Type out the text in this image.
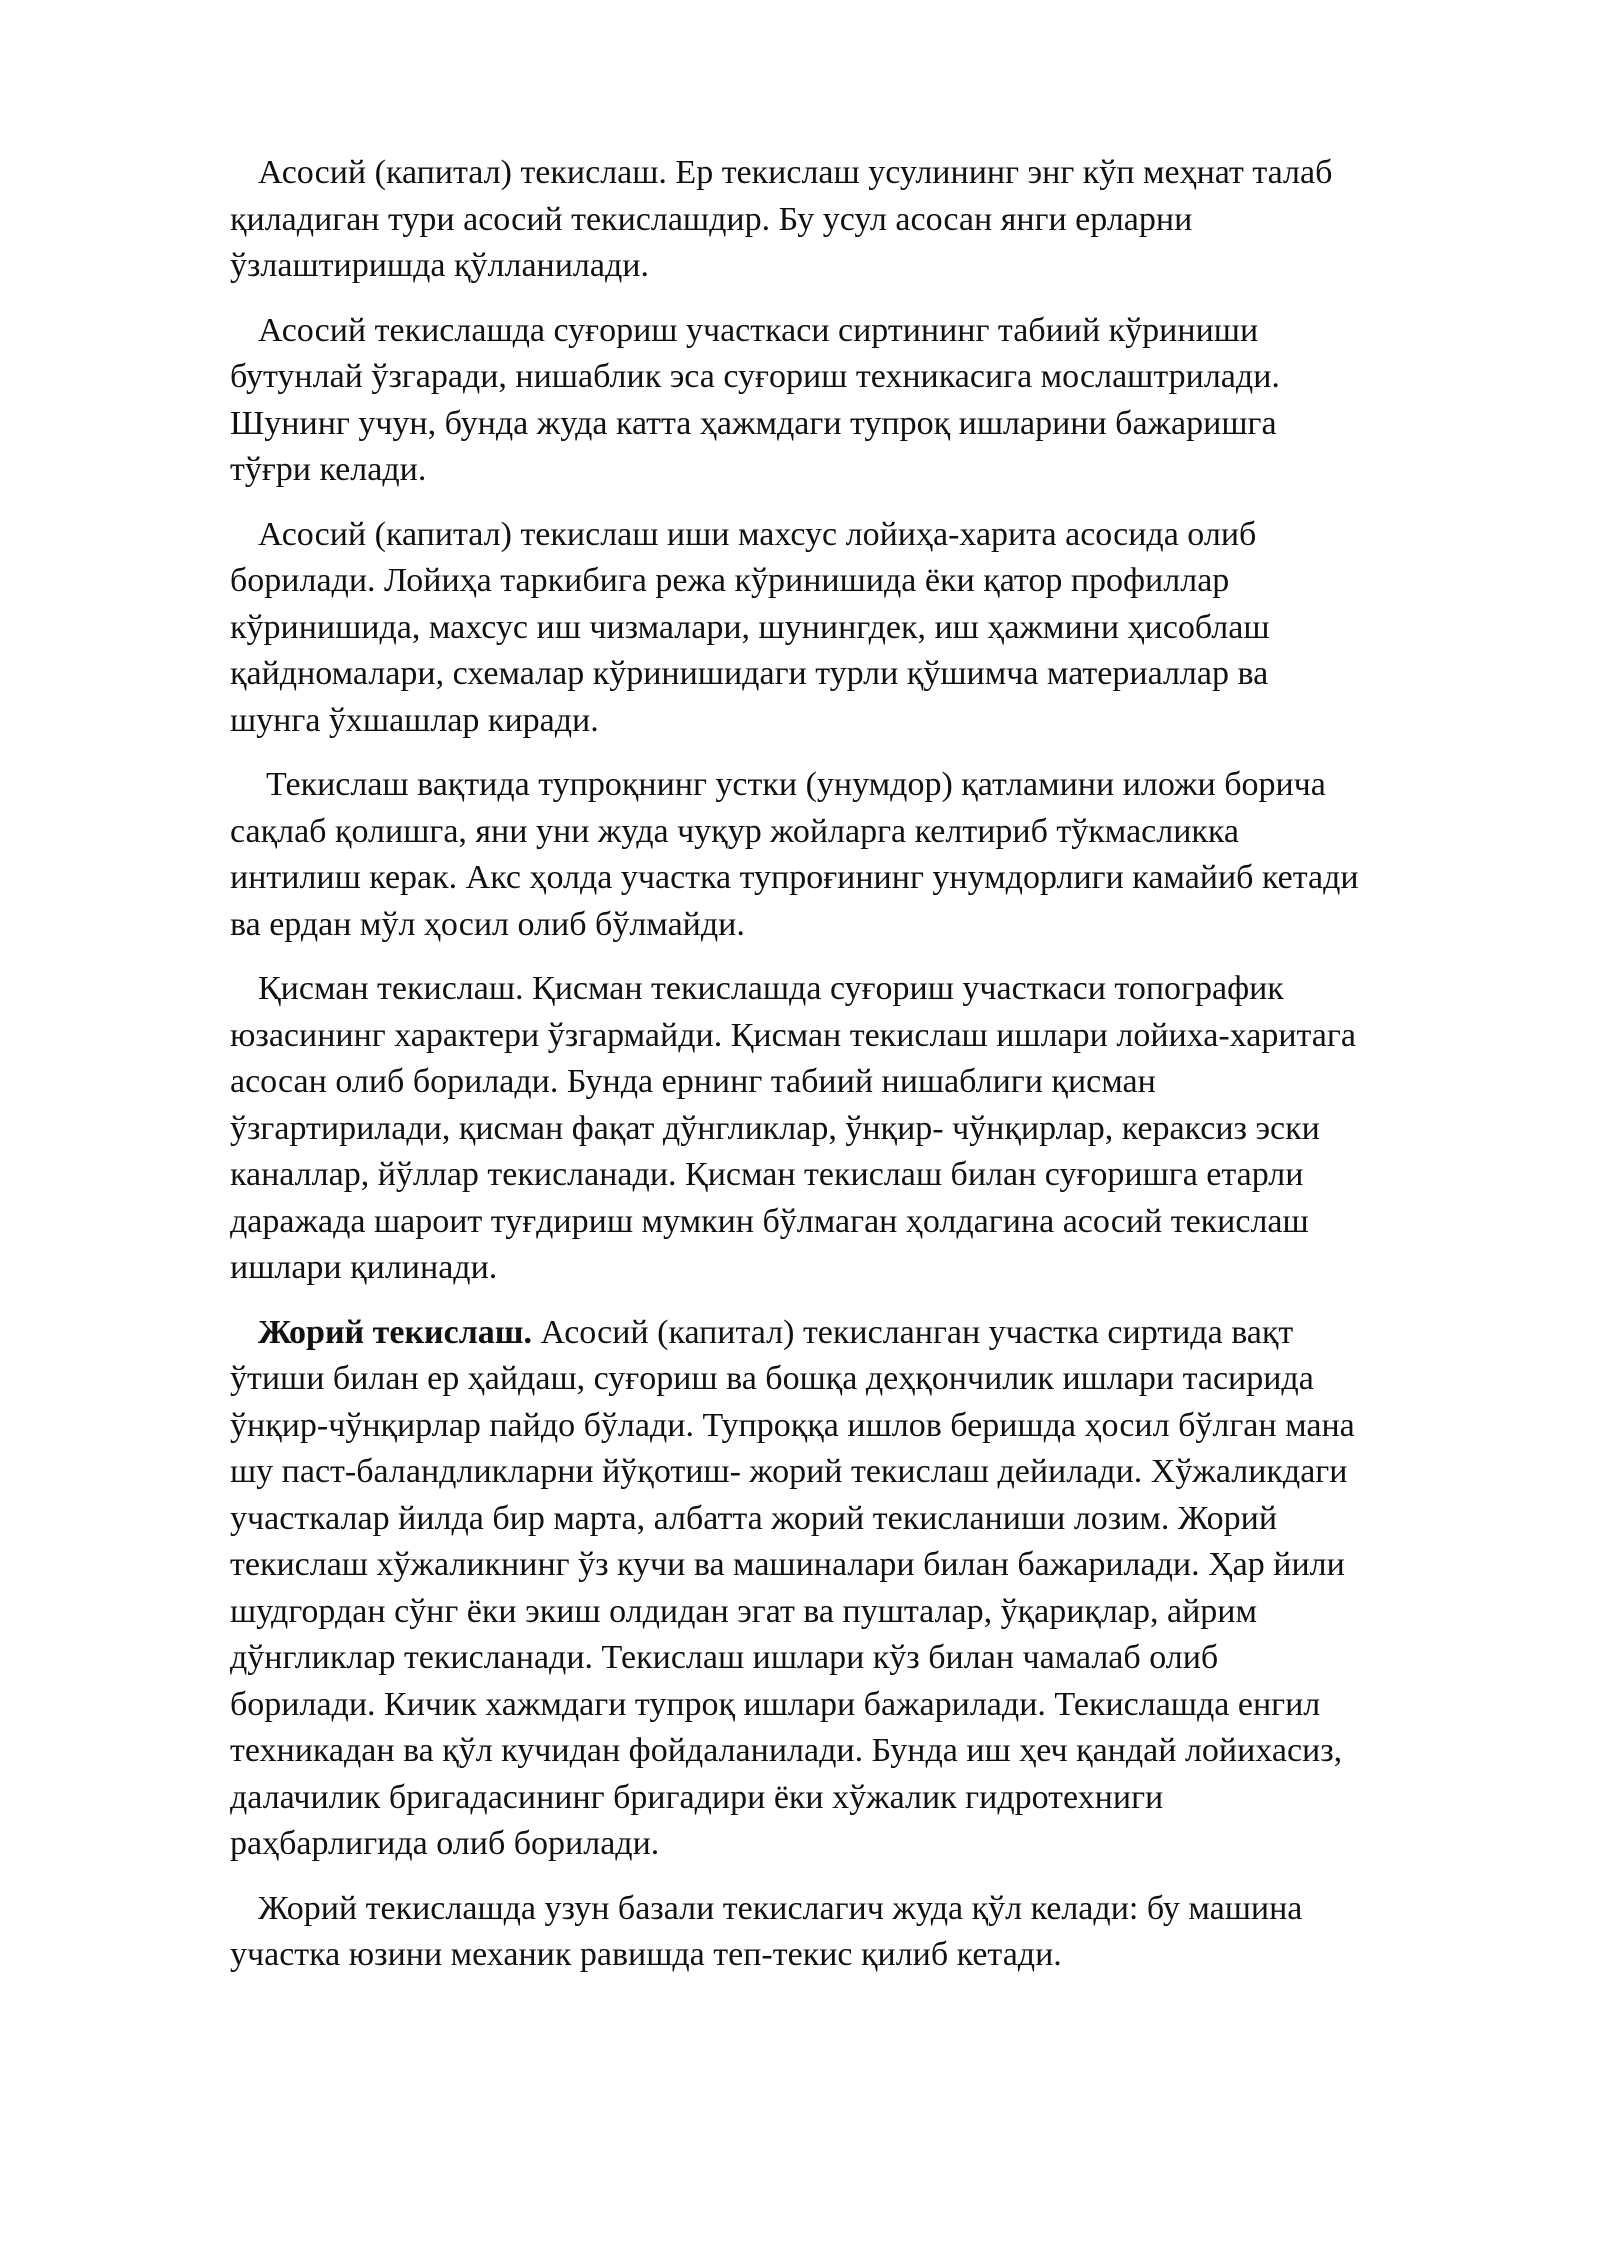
Асосий (капитал) текислаш. Ер текислаш усулининг энг кўп меҳнат талаб
қиладиган тури асосий текислашдир. Бу усул асосан янги ерларни
ўзлаштиришда қўлланилади.

Асосий текислашда суғориш участкаси сиртининг табиий кўриниши
бутунлай ўзгаради, нишаблик эса суғориш техникасига мослаштрилади.
Шунинг учун, бунда жуда катта ҳажмдаги тупроқ ишларини бажаришга
тўғри келади.

Асосий (капитал) текислаш иши махсус лойиҳа-харита асосида олиб
борилади. Лойиҳа таркибига режа кўринишида ёки қатор профиллар
кўринишида, махсус иш чизмалари, шунингдек, иш ҳажмини ҳисоблаш
қайдномалари, схемалар кўринишидаги турли қўшимча материаллар ва
шунга ўхшашлар киради.

Текислаш вақтида тупроқнинг устки (унумдор) қатламини иложи борича
сақлаб қолишга, яни уни жуда чуқур жойларга келтириб тўкмасликка
интилиш керак. Акс ҳолда участка тупроғининг унумдорлиги камайиб кетади
ва ердан мўл ҳосил олиб бўлмайди.

Қисман текислаш. Қисман текислашда суғориш участкаси топографик
юзасининг характери ўзгармайди. Қисман текислаш ишлари лойиха-харитага
асосан олиб борилади. Бунда ернинг табиий нишаблиги қисман
ўзгартирилади, қисман фақат дўнгликлар, ўнқир- чўнқирлар, кераксиз эски
каналлар, йўллар текисланади. Қисман текислаш билан суғоришга етарли
даражада шароит туғдириш мумкин бўлмаган ҳолдагина асосий текислаш
ишлари қилинади.

Жорий текислаш. Асосий (капитал) текисланган участка сиртида вақт
ўтиши билан ер ҳайдаш, суғориш ва бошқа деҳқончилик ишлари тасирида
ўнқир-чўнқирлар пайдо бўлади. Тупроққа ишлов беришда ҳосил бўлган мана
шу паст-баландликларни йўқотиш- жорий текислаш дейилади. Хўжаликдаги
участкалар йилда бир марта, албатта жорий текисланиши лозим. Жорий
текислаш хўжаликнинг ўз кучи ва машиналари билан бажарилади. Ҳар йили
шудгордан сўнг ёки экиш олдидан эгат ва пушталар, ўқариқлар, айрим
дўнгликлар текисланади. Текислаш ишлари кўз билан чамалаб олиб
борилади. Кичик хажмдаги тупроқ ишлари бажарилади. Текислашда енгил
техникадан ва қўл кучидан фойдаланилади. Бунда иш ҳеч қандай лойихасиз,
далачилик бригадасининг бригадири ёки хўжалик гидротехниги
раҳбарлигида олиб борилади.

Жорий текислашда узун базали текислагич жуда қўл келади: бу машина
участка юзини механик равишда теп-текис қилиб кетади.
